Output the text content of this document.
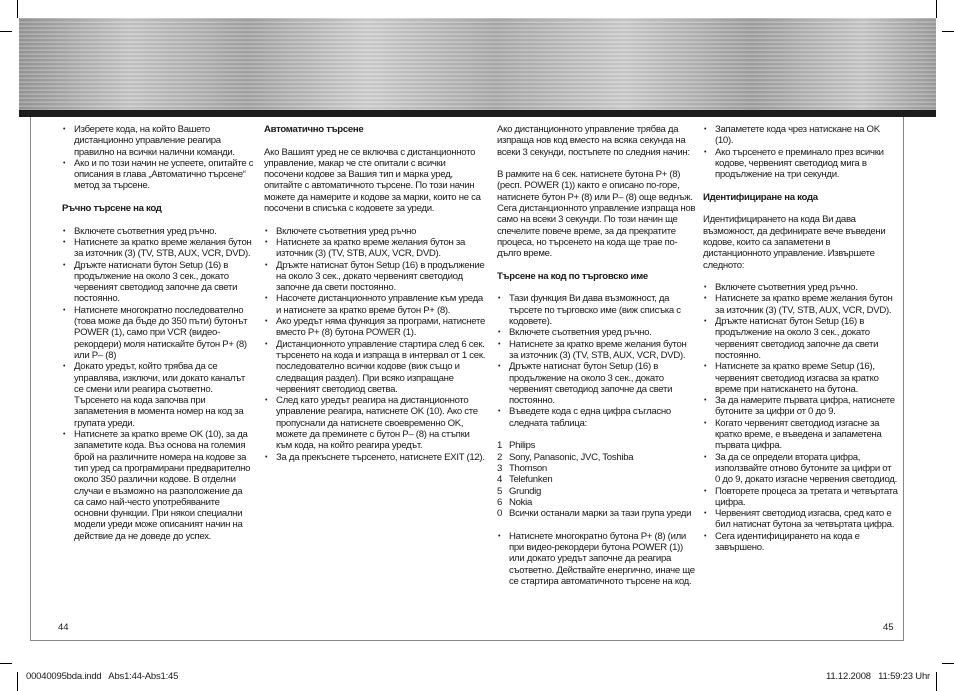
• Изберете кода, на който Вашето дистанционно управление реагира правилно на всички налични команди.
• Ако и по този начин не успеете, опитайте с описания в глава „Автоматично търсене“ метод за търсене.
Ръчно търсене на код
• Включете съответния уред ръчно.
• Натиснете за кратко време желания бутон за източник (3) (TV, STB, AUX, VCR, DVD).
• Дръжте натиснати бутон Setup (16) в продължение на около 3 сек., докато червеният светодиод започне да свети постоянно.
• Натиснете многократно последователно (това може да бъде до 350 пъти) бутонът POWER (1), само при VCR (видео-рекордери) моля натискайте бутон P+ (8) или P– (8)
• Докато уредът, който трябва да се управлява, изключи, или докато каналът се смени или реагира съответно. Търсенето на кода започва при запаметения в момента номер на код за групата уреди.
• Натиснете за кратко време OK (10), за да запаметите кода. Въз основа на големия брой на различните номера на кодове за тип уред са програмирани предварително около 350 различни кодове. В отделни случаи е възможно на разположение да са само най-често употребяваните основни функции. При някои специални модели уреди може описаният начин на действие да не доведе до успех.
Автоматично търсене

Ако Вашият уред не се включва с дистанционното управление, макар че сте опитали с всички посочени кодове за Вашия тип и марка уред, опитайте с автоматичното търсене. По този начин можете да намерите и кодове за марки, които не са посочени в списъка с кодовете за уреди.

• Включете съответния уред ръчно
• Натиснете за кратко време желания бутон за източник (3) (TV, STB, AUX, VCR, DVD).
• Дръжте натиснат бутон Setup (16) в продължение на около 3 сек., докато червеният светодиод започне да свети постоянно.
• Насочете дистанционното управление към уреда и натиснете за кратко време бутон P+ (8).
• Ако уредът няма функция за програми, натиснете вместо P+ (8) бутона POWER (1).
• Дистанционното управление стартира след 6 сек. търсенето на кода и изпраща в интервал от 1 сек. последователно всички кодове (виж също и следващия раздел). При всяко изпращане червеният светодиод светва.
• След като уредът реагира на дистанционното управление реагира, натиснете OK (10). Ако сте пропуснали да натиснете своевременно OK, можете да преминете с бутон P– (8) на стъпки към кода, на който реагира уредът.
• За да прекъснете търсенето, натиснете EXIT (12).

Ако дистанционното управление трябва да изпраща нов код вместо на всяка секунда на всеки 3 секунди, постъпете по следния начин:

В рамките на 6 сек. натиснете бутона P+ (8) (респ. POWER (1)) както е описано по-горе, натиснете бутон P+ (8) или P– (8) още веднъж. Сега дистанционното управление изпраща нов само на всеки 3 секунди. По този начин ще спечелите повече време, за да прекратите процеса, но търсенето на кода ще трае по-дълго време.

Търсене на код по търговско име
• Тази функция Ви дава възможност, да търсете по търговско име (виж списъка с кодовете).
• Включете съответния уред ръчно.
• Натиснете за кратко време желания бутон за източник (3) (TV, STB, AUX, VCR, DVD).
• Дръжте натиснат бутон Setup (16) в продължение на около 3 сек., докато червеният светодиод започне да свети постоянно.
• Въведете кода с една цифра съгласно следната таблица:
1 Philips
2 Sony, Panasonic, JVC, Toshiba
3 Thomson
4 Telefunken
5 Grundig
6 Nokia
0 Всички останали марки за тази група уреди
• Натиснете многократно бутона P+ (8) (или при видео-рекордери бутона POWER (1)) или докато уредът започне да реагира съответно. Действайте енергично, иначе ще се стартира автоматичното търсене на код.
• Запаметете кода чрез натискане на OK (10).
• Ако търсенето е преминало през всички кодове, червеният светодиод мига в продължение на три секунди.
Идентифициране на кода

Идентифицирането на кода Ви дава възможност, да дефинирате вече въведени кодове, които са запаметени в дистанционното управление. Извършете следното:

• Включете съответния уред ръчно.
• Натиснете за кратко време желания бутон за източник (3) (TV, STB, AUX, VCR, DVD).
• Дръжте натиснат бутон Setup (16) в продължение на около 3 сек., докато червеният светодиод започне да свети постоянно.
• Натиснете за кратко време Setup (16), червеният светодиод изгасва за кратко време при натискането на бутона.
• За да намерите първата цифра, натиснете бутоните за цифри от 0 до 9.
• Когато червеният светодиод изгасне за кратко време, е въведена и запаметена първата цифра.
• За да се определи втората цифра, използвайте отново бутоните за цифри от 0 до 9, докато изгасне червения светодиод.
• Повторете процеса за третата и четвъртата цифра.
• Червеният светодиод изгасва, сред като е бил натиснат бутона за четвъртата цифра.
• Сега идентифицирането на кода е завършено.
44	45
00040095bda.indd   Abs1:44-Abs1:45	11.12.2008   11:59:23 Uhr
